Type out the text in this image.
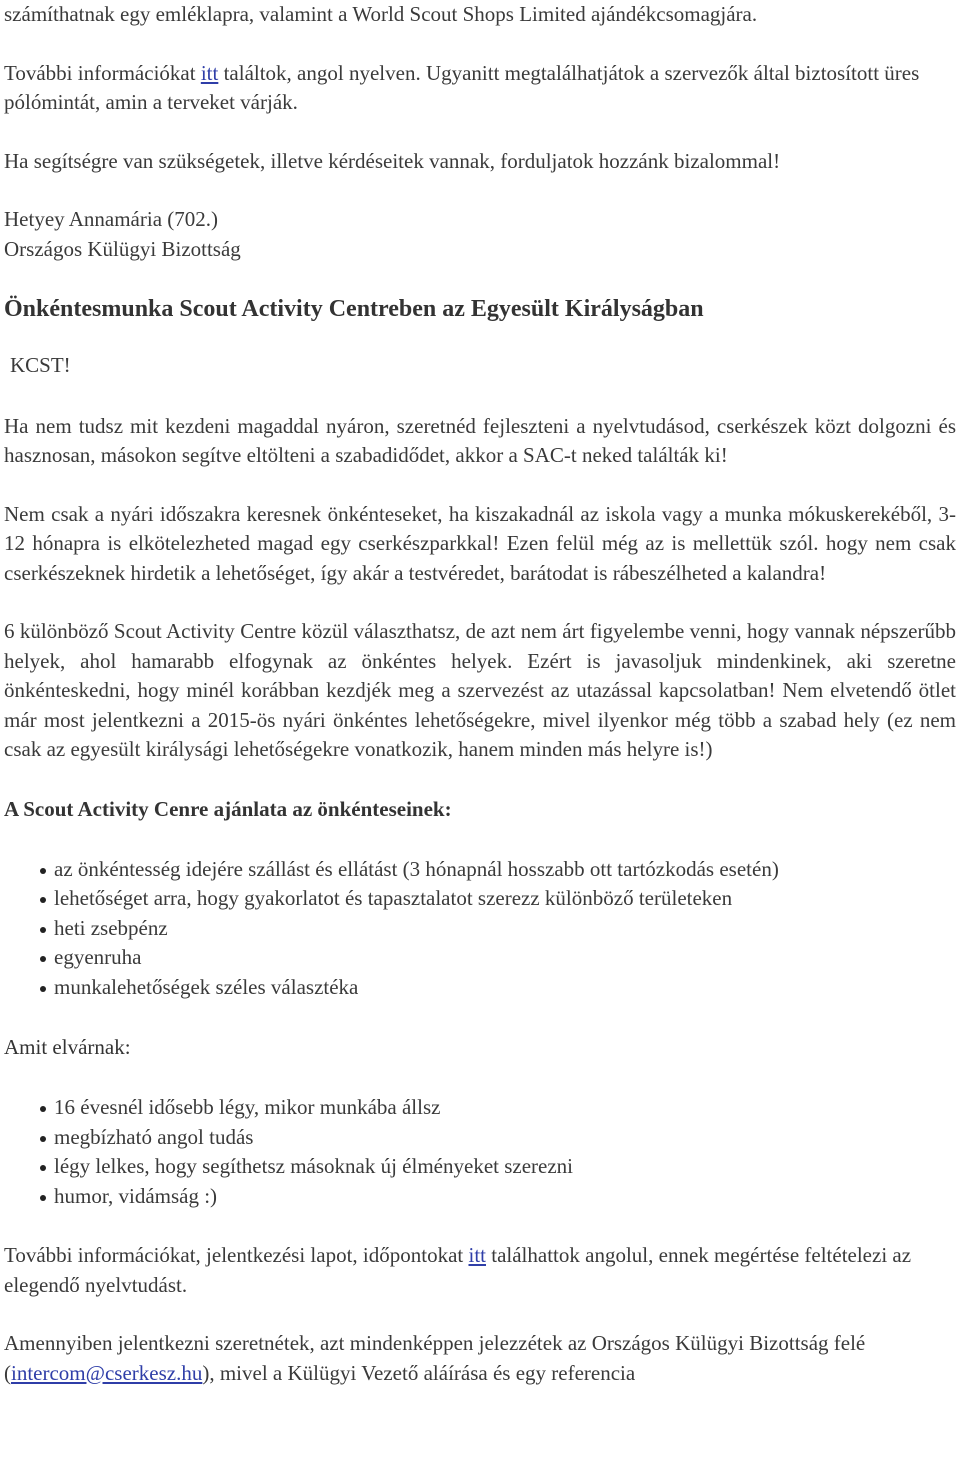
számíthatnak egy emléklapra, valamint a World Scout Shops Limited ajándékcsomagjára.

További információkat itt találtok, angol nyelven. Ugyanitt megtalálhatjátok a szervezők által biztosított üres pólómintát, amin a terveket várják.

Ha segítségre van szükségetek, illetve kérdéseitek vannak, forduljatok hozzánk bizalommal!

Hetyey Annamária (702.)

Országos Külügyi Bizottság

Önkéntesmunka Scout Activity Centreben az Egyesült Királyságban

KCST!

Ha nem tudsz mit kezdeni magaddal nyáron, szeretnéd fejleszteni a nyelvtudásod, cserkészek közt dolgozni és hasznosan, másokon segítve eltölteni a szabadidődet, akkor a SAC-t neked találták ki!

Nem csak a nyári időszakra keresnek önkénteseket, ha kiszakadnál az iskola vagy a munka mókuskerekéből, 3-12 hónapra is elkötelezheted magad egy cserkészparkkal! Ezen felül még az is mellettük szól. hogy nem csak cserkészeknek hirdetik a lehetőséget, így akár a testvéredet, barátodat is rábeszélheted a kalandra!

6 különböző Scout Activity Centre közül választhatsz, de azt nem árt figyelembe venni, hogy vannak népszerűbb helyek, ahol hamarabb elfogynak az önkéntes helyek. Ezért is javasoljuk mindenkinek, aki szeretne önkénteskedni, hogy minél korábban kezdjék meg a szervezést az utazással kapcsolatban! Nem elvetendő ötlet már most jelentkezni a 2015-ös nyári önkéntes lehetőségekre, mivel ilyenkor még több a szabad hely (ez nem csak az egyesült királysági lehetőségekre vonatkozik, hanem minden más helyre is!)

A Scout Activity Cenre ajánlata az önkénteseinek:
az önkéntesség idejére szállást és ellátást (3 hónapnál hosszabb ott tartózkodás esetén)
lehetőséget arra, hogy gyakorlatot és tapasztalatot szerezz különböző területeken
heti zsebpénz
egyenruha
munkalehetőségek széles választéka
Amit elvárnak:
16 évesnél idősebb légy, mikor munkába állsz
megbízható angol tudás
légy lelkes, hogy segíthetsz másoknak új élményeket szerezni
humor, vidámság :)

További információkat, jelentkezési lapot, időpontokat itt találhattok angolul, ennek megértése feltételezi az elegendő nyelvtudást.

Amennyiben jelentkezni szeretnétek, azt mindenképpen jelezzétek az Országos Külügyi Bizottság felé (intercom@cserkesz.hu), mivel a Külügyi Vezető aláírása és egy referencia
